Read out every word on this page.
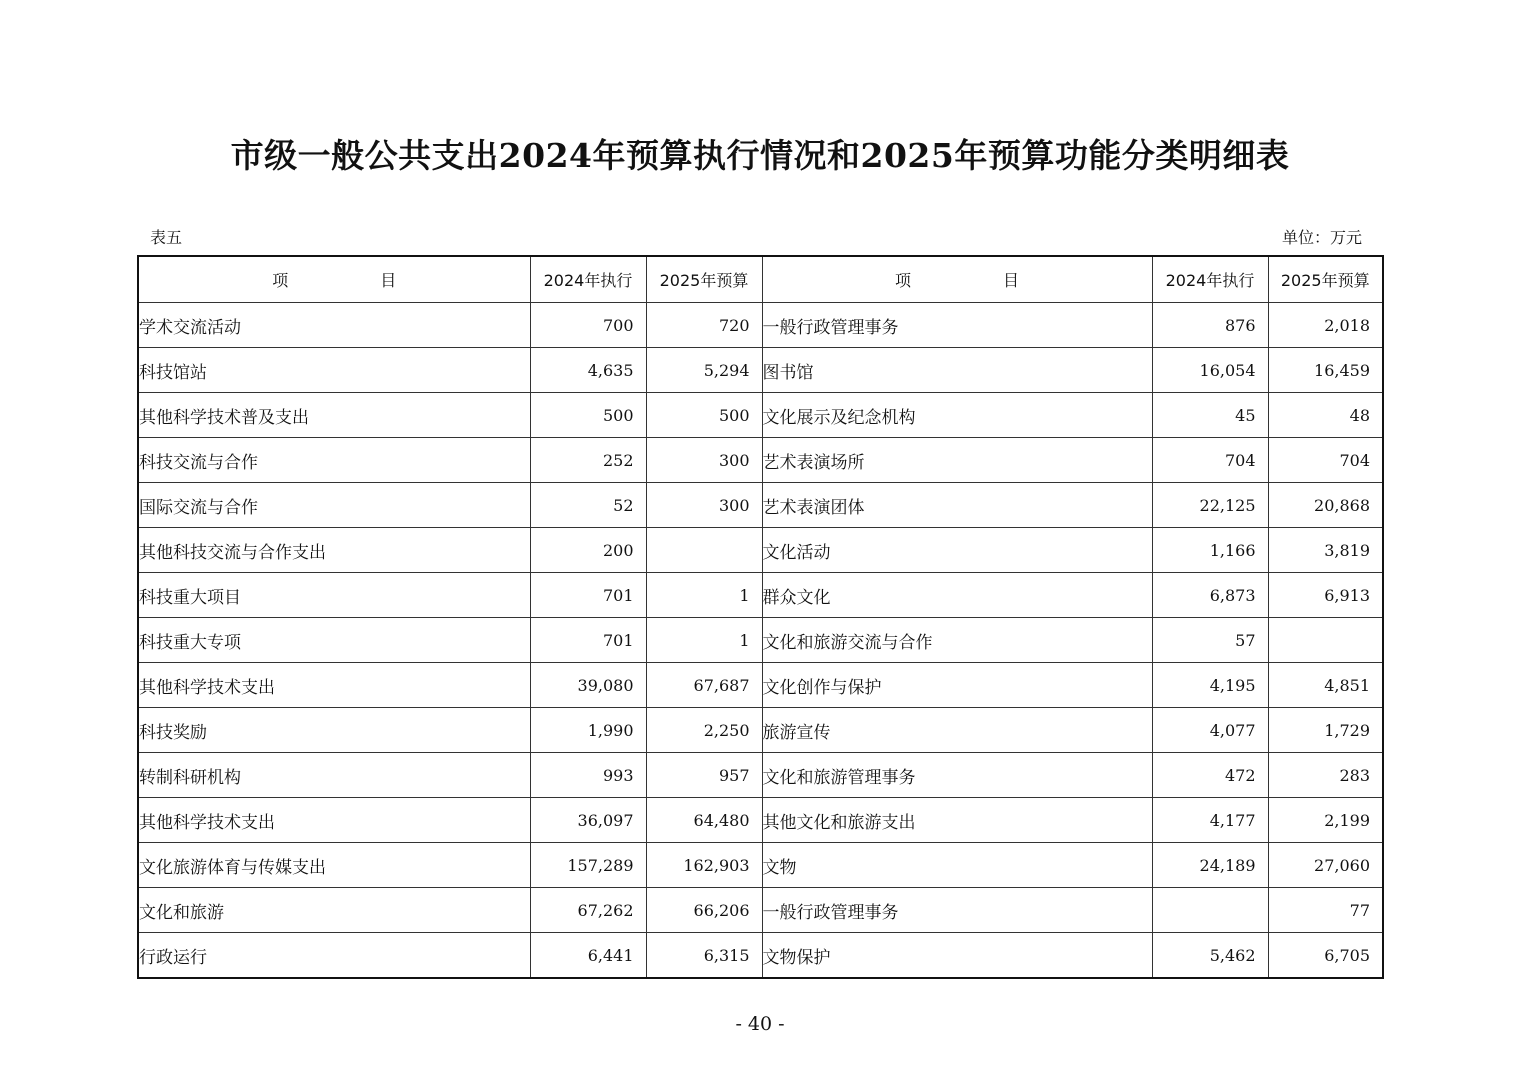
市级一般公共支出2024年预算执行情况和2025年预算功能分类明细表
表五	单位：万元
项 目	2024年执行	2025年预算	项 目	2024年执行	2025年预算
学术交流活动	700	720	一般行政管理事务	876	2,018
科技馆站	4,635	5,294	图书馆	16,054	16,459
其他科学技术普及支出	500	500	文化展示及纪念机构	45	48
科技交流与合作	252	300	艺术表演场所	704	704
国际交流与合作	52	300	艺术表演团体	22,125	20,868
其他科技交流与合作支出	200		文化活动	1,166	3,819
科技重大项目	701	1	群众文化	6,873	6,913
科技重大专项	701	1	文化和旅游交流与合作	57	
其他科学技术支出	39,080	67,687	文化创作与保护	4,195	4,851
科技奖励	1,990	2,250	旅游宣传	4,077	1,729
转制科研机构	993	957	文化和旅游管理事务	472	283
其他科学技术支出	36,097	64,480	其他文化和旅游支出	4,177	2,199
文化旅游体育与传媒支出	157,289	162,903	文物	24,189	27,060
文化和旅游	67,262	66,206	一般行政管理事务		77
行政运行	6,441	6,315	文物保护	5,462	6,705
- 40 -
